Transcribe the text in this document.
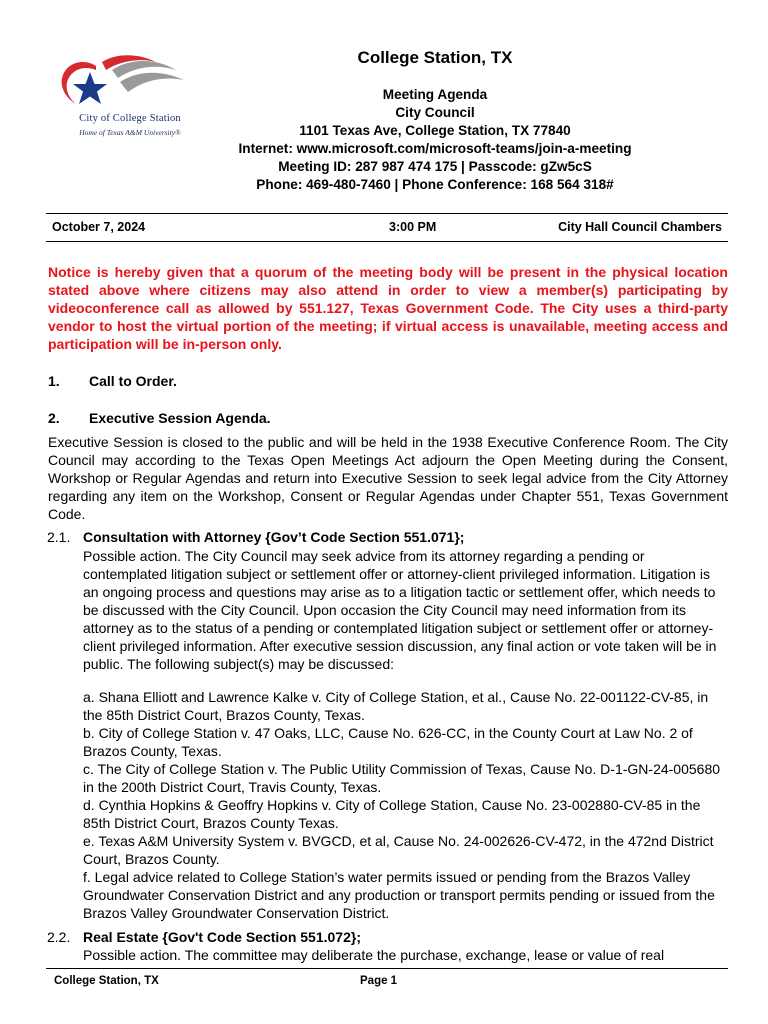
City of College Station
Home of Texas A&M University®
College Station, TX
Meeting Agenda
City Council
1101 Texas Ave, College Station, TX 77840
Internet: www.microsoft.com/microsoft-teams/join-a-meeting
Meeting ID: 287 987 474 175 | Passcode: gZw5cS
Phone: 469-480-7460 | Phone Conference: 168 564 318#
October 7, 2024	3:00 PM	City Hall Council Chambers
Notice is hereby given that a quorum of the meeting body will be present in the physical location stated above where citizens may also attend in order to view a member(s) participating by videoconference call as allowed by 551.127, Texas Government Code. The City uses a third-party vendor to host the virtual portion of the meeting; if virtual access is unavailable, meeting access and participation will be in-person only.
1. Call to Order.
2. Executive Session Agenda.
Executive Session is closed to the public and will be held in the 1938 Executive Conference Room. The City Council may according to the Texas Open Meetings Act adjourn the Open Meeting during the Consent, Workshop or Regular Agendas and return into Executive Session to seek legal advice from the City Attorney regarding any item on the Workshop, Consent or Regular Agendas under Chapter 551, Texas Government Code.
2.1. Consultation with Attorney {Gov’t Code Section 551.071};
Possible action. The City Council may seek advice from its attorney regarding a pending or contemplated litigation subject or settlement offer or attorney-client privileged information. Litigation is an ongoing process and questions may arise as to a litigation tactic or settlement offer, which needs to be discussed with the City Council. Upon occasion the City Council may need information from its attorney as to the status of a pending or contemplated litigation subject or settlement offer or attorney-client privileged information. After executive session discussion, any final action or vote taken will be in public. The following subject(s) may be discussed:

a. Shana Elliott and Lawrence Kalke v. City of College Station, et al., Cause No. 22-001122-CV-85, in the 85th District Court, Brazos County, Texas.

b. City of College Station v. 47 Oaks, LLC, Cause No. 626-CC, in the County Court at Law No. 2 of Brazos County, Texas.

c. The City of College Station v. The Public Utility Commission of Texas, Cause No. D-1-GN-24-005680 in the 200th District Court, Travis County, Texas.

d. Cynthia Hopkins & Geoffry Hopkins v. City of College Station, Cause No. 23-002880-CV-85 in the 85th District Court, Brazos County Texas.

e. Texas A&M University System v. BVGCD, et al, Cause No. 24-002626-CV-472, in the 472nd District Court, Brazos County.

f. Legal advice related to College Station’s water permits issued or pending from the Brazos Valley Groundwater Conservation District and any production or transport permits pending or issued from the Brazos Valley Groundwater Conservation District.

2.2. Real Estate {Gov't Code Section 551.072};
Possible action. The committee may deliberate the purchase, exchange, lease or value of real
College Station, TX	Page 1
